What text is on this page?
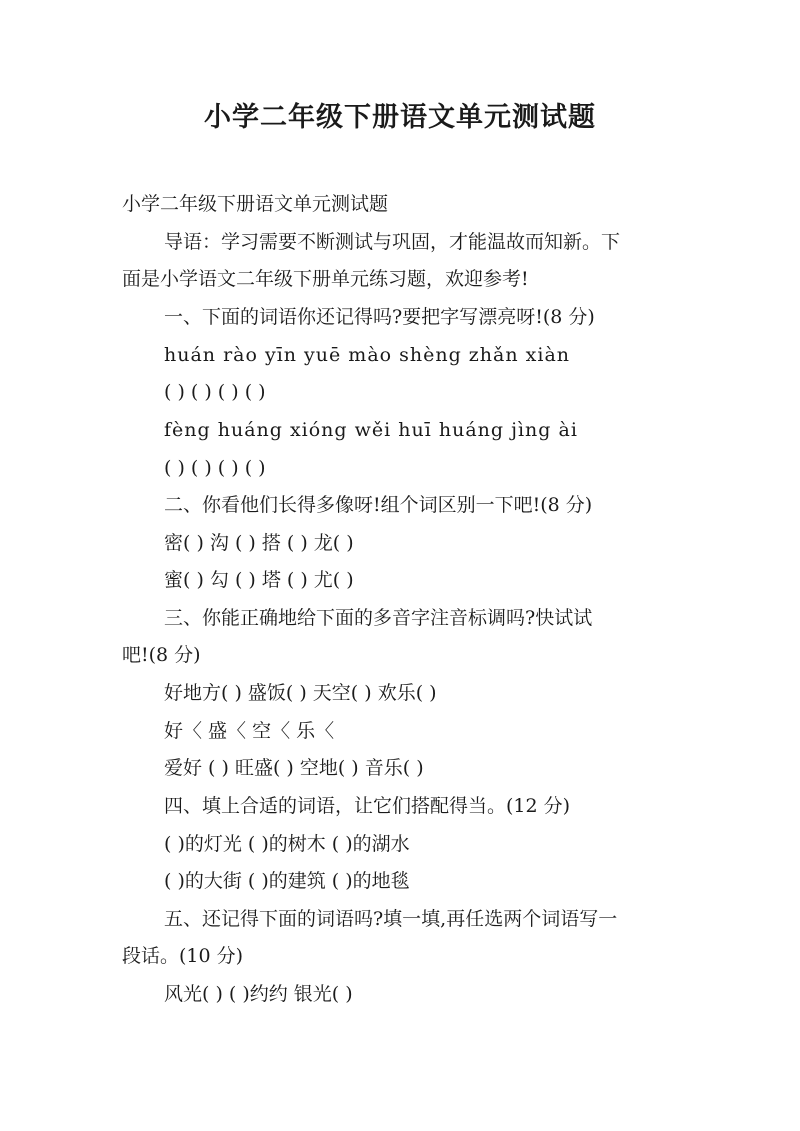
小学二年级下册语文单元测试题

小学二年级下册语文单元测试题

导语：学习需要不断测试与巩固，才能温故而知新。下

面是小学语文二年级下册单元练习题，欢迎参考!

一、下面的词语你还记得吗?要把字写漂亮呀!(8 分)

huán rào yīn yuē mào shèng zhǎn xiàn

( ) ( ) ( ) ( )

fèng huáng xióng wěi huī huáng jìng ài

( ) ( ) ( ) ( )

二、你看他们长得多像呀!组个词区别一下吧!(8 分)

密( ) 沟 ( ) 搭 ( ) 龙( )

蜜( ) 勾 ( ) 塔 ( ) 尤( )

三、你能正确地给下面的多音字注音标调吗?快试试

吧!(8 分)

好地方( ) 盛饭( ) 天空( ) 欢乐( )

好〈 盛〈 空〈 乐〈

爱好 ( ) 旺盛( ) 空地( ) 音乐( )

四、填上合适的词语，让它们搭配得当。(12 分)

( )的灯光 ( )的树木 ( )的湖水

( )的大街 ( )的建筑 ( )的地毯

五、还记得下面的词语吗?填一填,再任选两个词语写一

段话。(10 分)

风光( ) ( )约约 银光( )
